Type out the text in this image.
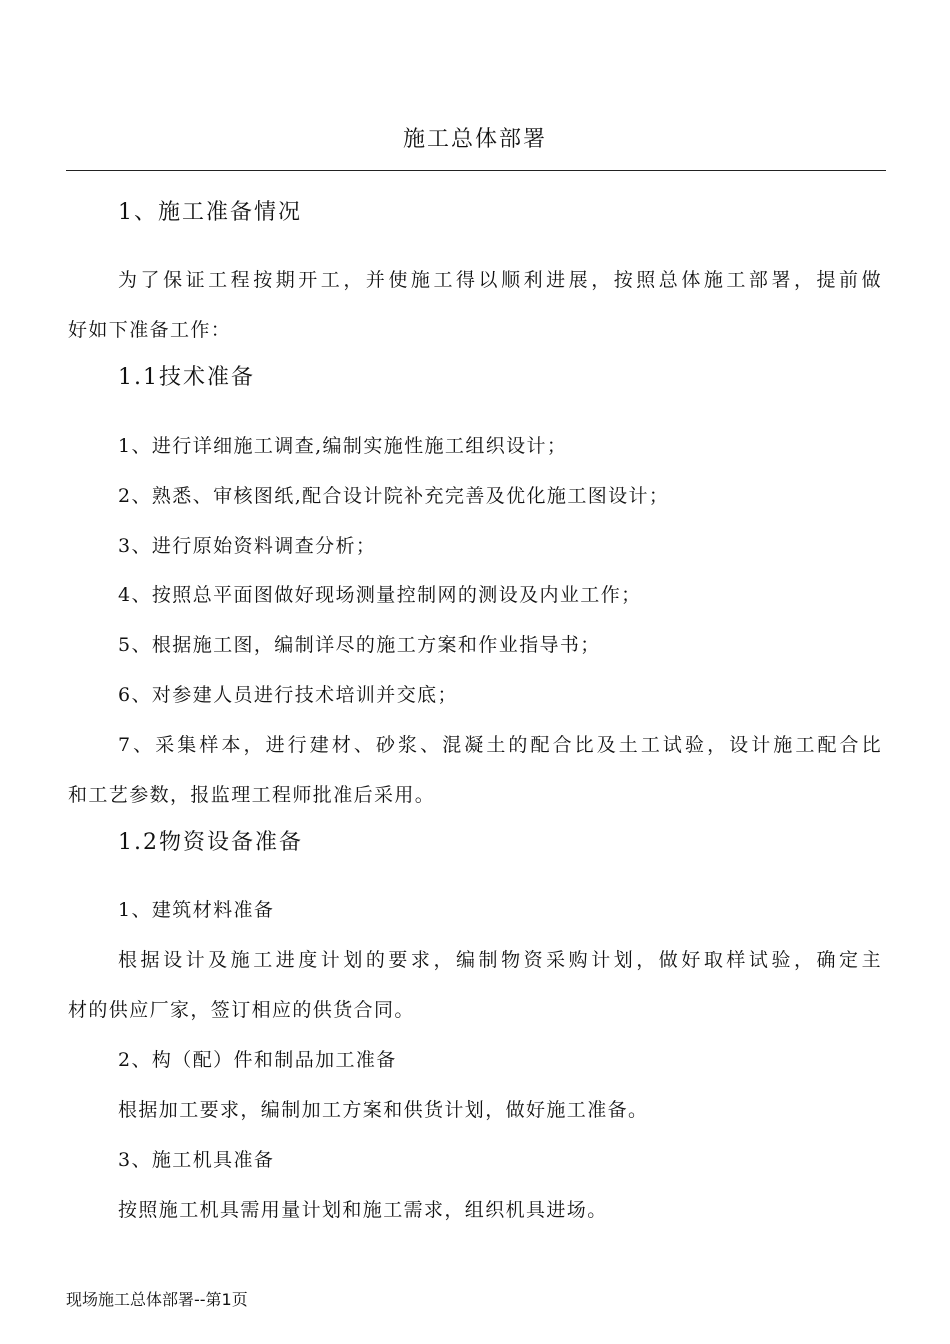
施工总体部署
1、施工准备情况
为了保证工程按期开工，并使施工得以顺利进展，按照总体施工部署，提前做
好如下准备工作：
1.1技术准备
1、进行详细施工调查,编制实施性施工组织设计；
2、熟悉、审核图纸,配合设计院补充完善及优化施工图设计；
3、进行原始资料调查分析；
4、按照总平面图做好现场测量控制网的测设及内业工作；
5、根据施工图，编制详尽的施工方案和作业指导书；
6、对参建人员进行技术培训并交底；
7、采集样本，进行建材、砂浆、混凝土的配合比及土工试验，设计施工配合比
和工艺参数，报监理工程师批准后采用。
1.2物资设备准备
1、建筑材料准备
根据设计及施工进度计划的要求，编制物资采购计划，做好取样试验，确定主
材的供应厂家，签订相应的供货合同。
2、构（配）件和制品加工准备
根据加工要求，编制加工方案和供货计划，做好施工准备。
3、施工机具准备
按照施工机具需用量计划和施工需求，组织机具进场。
现场施工总体部署--第1页
